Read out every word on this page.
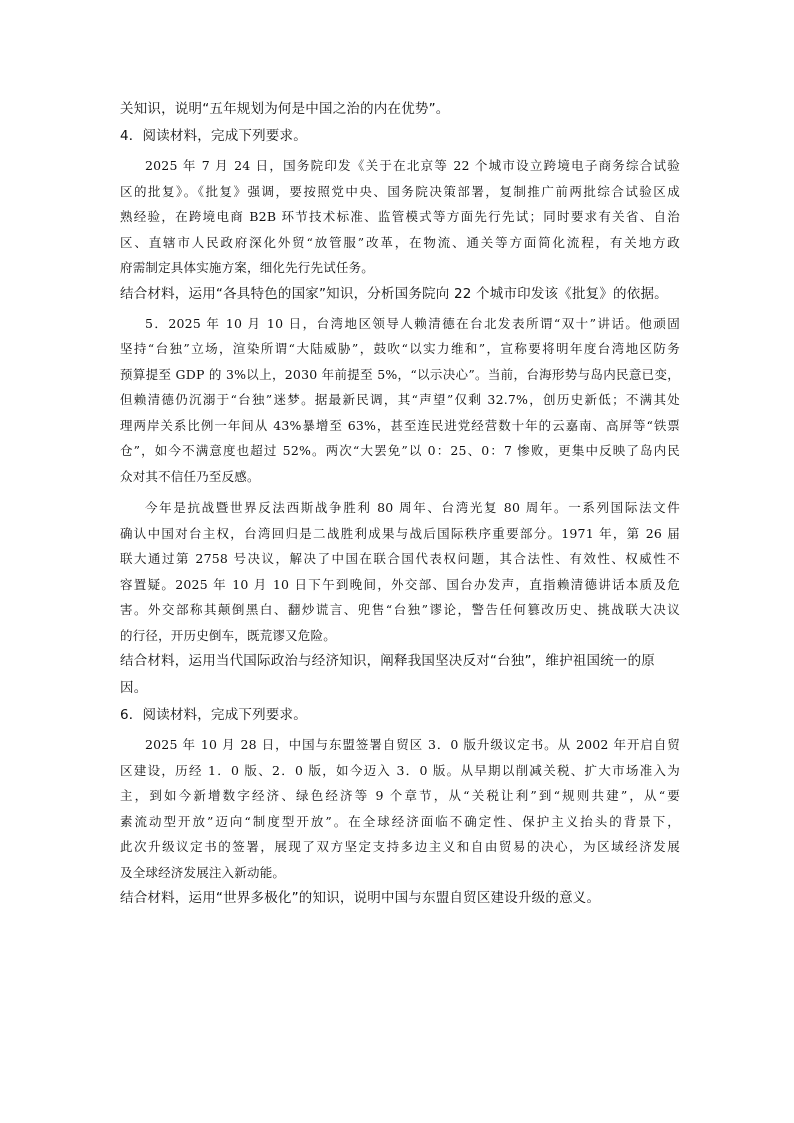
关知识，说明“五年规划为何是中国之治的内在优势”。
4．阅读材料，完成下列要求。
2025 年 7 月 24 日，国务院印发《关于在北京等 22 个城市设立跨境电子商务综合试验
区的批复》。《批复》强调，要按照党中央、国务院决策部署，复制推广前两批综合试验区成
熟经验，在跨境电商 B2B 环节技术标准、监管模式等方面先行先试；同时要求有关省、自治
区、直辖市人民政府深化外贸“放管服”改革，在物流、通关等方面简化流程，有关地方政
府需制定具体实施方案，细化先行先试任务。
结合材料，运用“各具特色的国家”知识，分析国务院向 22 个城市印发该《批复》的依据。
5．2025 年 10 月 10 日，台湾地区领导人赖清德在台北发表所谓“双十”讲话。他顽固
坚持“台独”立场，渲染所谓“大陆威胁”，鼓吹“以实力维和”，宣称要将明年度台湾地区防务
预算提至 GDP 的 3%以上，2030 年前提至 5%，“以示决心”。当前，台海形势与岛内民意已变，
但赖清德仍沉溺于“台独”迷梦。据最新民调，其“声望”仅剩 32.7%，创历史新低；不满其处
理两岸关系比例一年间从 43%暴增至 63%，甚至连民进党经营数十年的云嘉南、高屏等“铁票
仓”，如今不满意度也超过 52%。两次“大罢免”以 0：25、0：7 惨败，更集中反映了岛内民
众对其不信任乃至反感。
今年是抗战暨世界反法西斯战争胜利 80 周年、台湾光复 80 周年。一系列国际法文件
确认中国对台主权，台湾回归是二战胜利成果与战后国际秩序重要部分。1971 年，第 26 届
联大通过第 2758 号决议，解决了中国在联合国代表权问题，其合法性、有效性、权威性不
容置疑。2025 年 10 月 10 日下午到晚间，外交部、国台办发声，直指赖清德讲话本质及危
害。外交部称其颠倒黑白、翻炒谎言、兜售“台独”谬论，警告任何篡改历史、挑战联大决议
的行径，开历史倒车，既荒谬又危险。
结合材料，运用当代国际政治与经济知识，阐释我国坚决反对“台独”，维护祖国统一的原因。
6．阅读材料，完成下列要求。
2025 年 10 月 28 日，中国与东盟签署自贸区 3．0 版升级议定书。从 2002 年开启自贸
区建设，历经 1．0 版、2．0 版，如今迈入 3．0 版。从早期以削减关税、扩大市场准入为
主，到如今新增数字经济、绿色经济等 9 个章节，从“关税让利”到“规则共建”，从“要
素流动型开放”迈向“制度型开放”。在全球经济面临不确定性、保护主义抬头的背景下，
此次升级议定书的签署，展现了双方坚定支持多边主义和自由贸易的决心，为区域经济发展
及全球经济发展注入新动能。
结合材料，运用“世界多极化”的知识，说明中国与东盟自贸区建设升级的意义。
